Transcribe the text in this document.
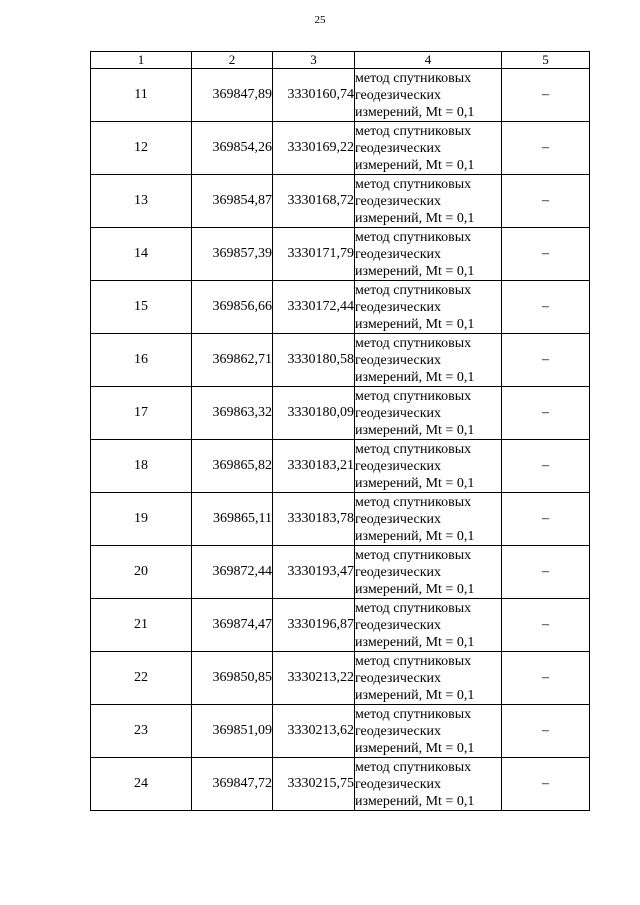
25
1	2	3	4	5
11	369847,89	3330160,74	метод спутниковых
геодезических
измерений, Mt = 0,1	–
12	369854,26	3330169,22	метод спутниковых
геодезических
измерений, Mt = 0,1	–
13	369854,87	3330168,72	метод спутниковых
геодезических
измерений, Mt = 0,1	–
14	369857,39	3330171,79	метод спутниковых
геодезических
измерений, Mt = 0,1	–
15	369856,66	3330172,44	метод спутниковых
геодезических
измерений, Mt = 0,1	–
16	369862,71	3330180,58	метод спутниковых
геодезических
измерений, Mt = 0,1	–
17	369863,32	3330180,09	метод спутниковых
геодезических
измерений, Mt = 0,1	–
18	369865,82	3330183,21	метод спутниковых
геодезических
измерений, Mt = 0,1	–
19	369865,11	3330183,78	метод спутниковых
геодезических
измерений, Mt = 0,1	–
20	369872,44	3330193,47	метод спутниковых
геодезических
измерений, Mt = 0,1	–
21	369874,47	3330196,87	метод спутниковых
геодезических
измерений, Mt = 0,1	–
22	369850,85	3330213,22	метод спутниковых
геодезических
измерений, Mt = 0,1	–
23	369851,09	3330213,62	метод спутниковых
геодезических
измерений, Mt = 0,1	–
24	369847,72	3330215,75	метод спутниковых
геодезических
измерений, Mt = 0,1	–
